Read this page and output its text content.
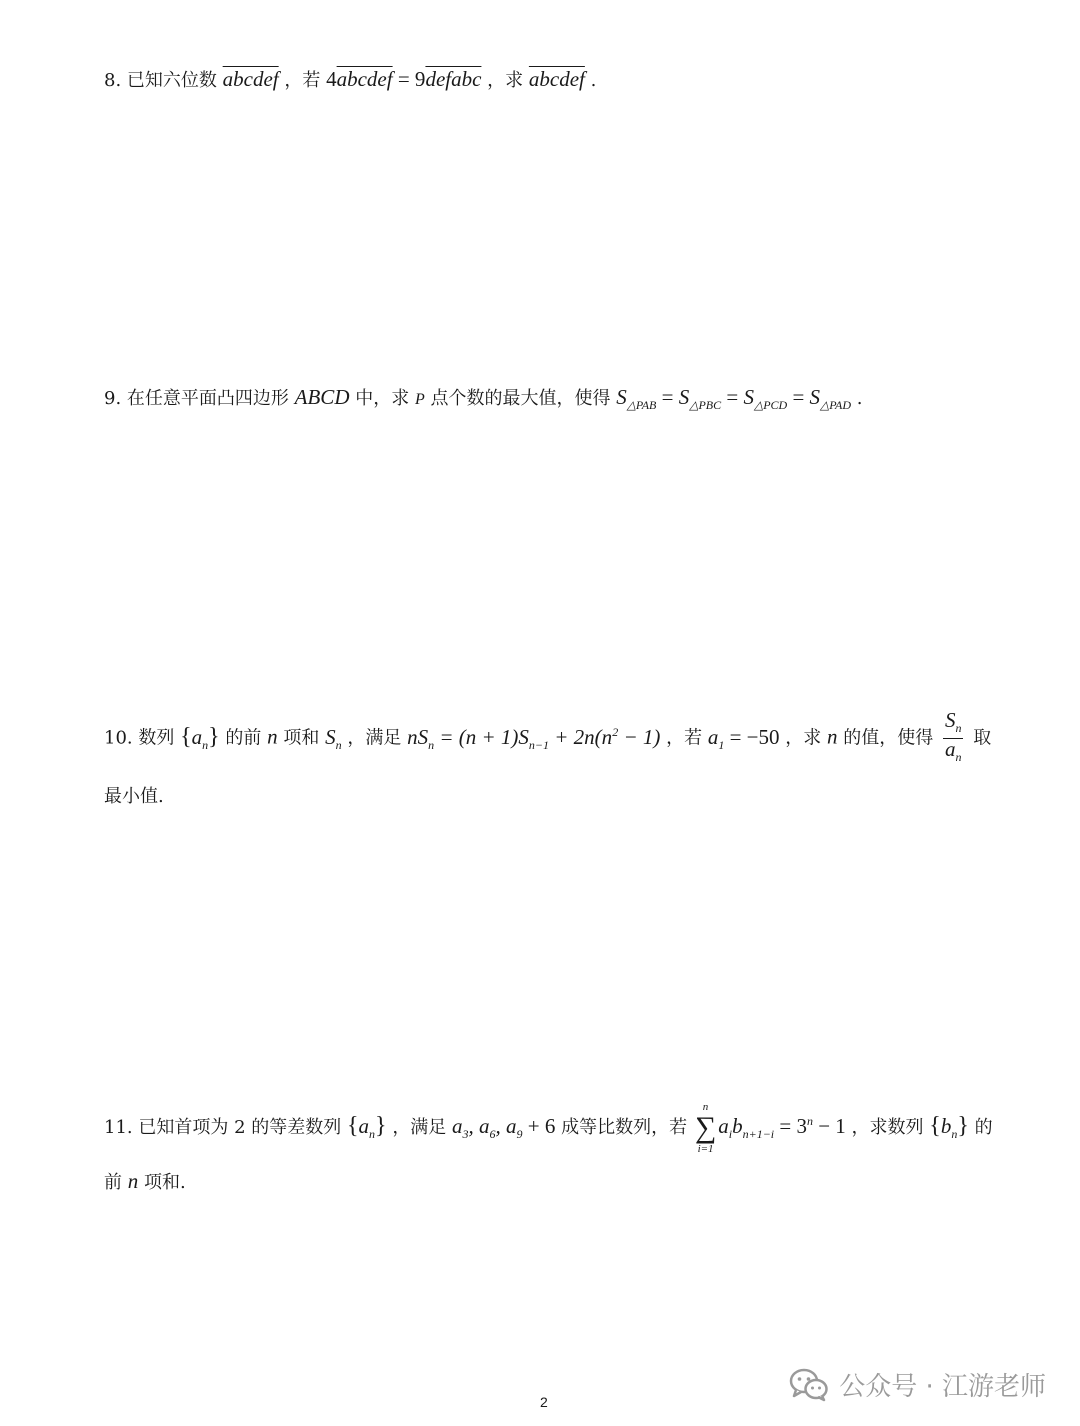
8. 已知六位数 abcdef ，若 4abcdef = 9defabc ，求 abcdef .
9. 在任意平面凸四边形 ABCD 中，求 P 点个数的最大值，使得 $S_{\triangle PAB} = S_{\triangle PBC} = S_{\triangle PCD} = S_{\triangle PAD}$ .
10. 数列 $\{a_n\}$ 的前 n 项和 $S_n$ ，满足 $nS_n = (n + 1)S_{n-1} + 2n(n^2 - 1)$ ，若 $a_1 = -50$ ，求 n 的值，使得 $\frac{S_n}{a_n}$ 取
最小值.
11. 已知首项为 2 的等差数列 $\{a_n\}$ ，满足 $a_3$, $a_6$, $a_9 + 6$ 成等比数列，若
n
∑
i=1
$a_ib_{n+1-i} = 3^n - 1$ ，求数列 $\{b_n\}$ 的
前 n 项和.
2	公众号 · 江游老师
